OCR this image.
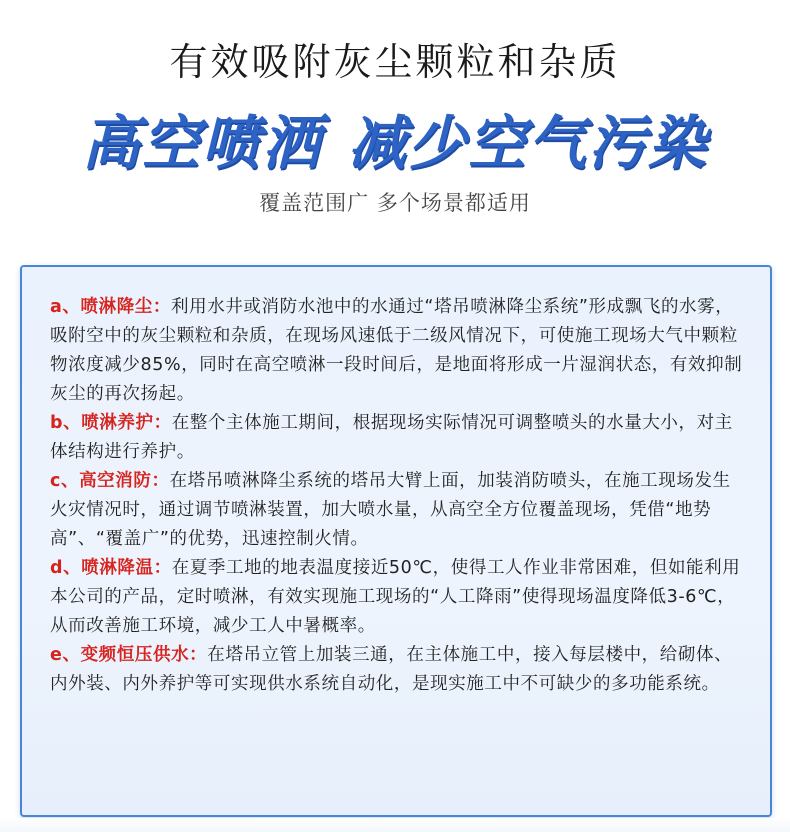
有效吸附灰尘颗粒和杂质
高空喷洒 减少空气污染
覆盖范围广 多个场景都适用

a、喷淋降尘：利用水井或消防水池中的水通过“塔吊喷淋降尘系统”形成飘飞的水雾，吸附空中的灰尘颗粒和杂质，在现场风速低于二级风情况下，可使施工现场大气中颗粒物浓度减少85%，同时在高空喷淋一段时间后，是地面将形成一片湿润状态，有效抑制灰尘的再次扬起。

b、喷淋养护：在整个主体施工期间，根据现场实际情况可调整喷头的水量大小，对主体结构进行养护。

c、高空消防：在塔吊喷淋降尘系统的塔吊大臂上面，加装消防喷头，在施工现场发生火灾情况时，通过调节喷淋装置，加大喷水量，从高空全方位覆盖现场，凭借“地势高”、“覆盖广”的优势，迅速控制火情。

d、喷淋降温：在夏季工地的地表温度接近50℃，使得工人作业非常困难，但如能利用本公司的产品，定时喷淋，有效实现施工现场的“人工降雨”使得现场温度降低3-6℃，从而改善施工环境，减少工人中暑概率。

e、变频恒压供水：在塔吊立管上加装三通，在主体施工中，接入每层楼中，给砌体、内外装、内外养护等可实现供水系统自动化，是现实施工中不可缺少的多功能系统。
